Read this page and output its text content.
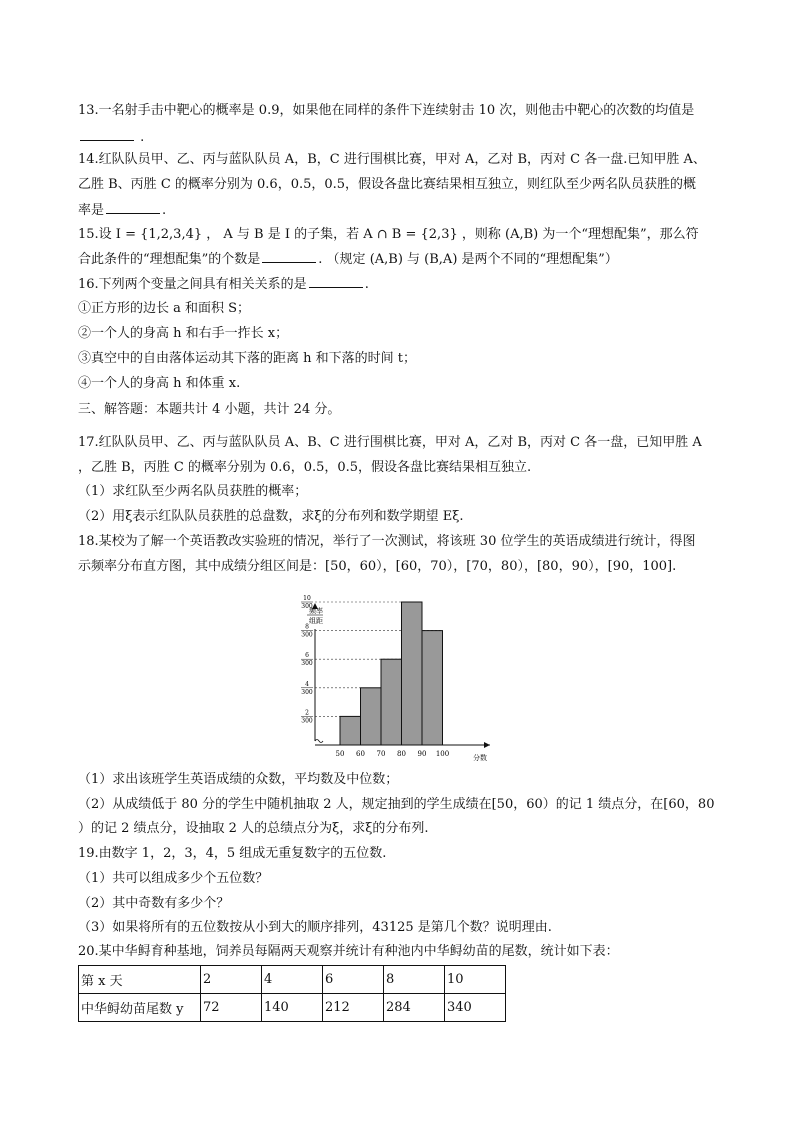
13.一名射手击中靶心的概率是 0.9，如果他在同样的条件下连续射击 10 次，则他击中靶心的次数的均值是
.
14.红队队员甲、乙、丙与蓝队队员 A，B，C 进行围棋比赛，甲对 A，乙对 B，丙对 C 各一盘.已知甲胜 A、
乙胜 B、丙胜 C 的概率分别为 0.6，0.5，0.5，假设各盘比赛结果相互独立，则红队至少两名队员获胜的概
率是	.
15.设 I = {1,2,3,4} ， A 与 B 是 I 的子集，若 A ∩ B = {2,3} ，则称 (A,B) 为一个“理想配集”，那么符
合此条件的“理想配集”的个数是	. （规定 (A,B) 与 (B,A) 是两个不同的“理想配集”）
16.下列两个变量之间具有相关关系的是	.
①正方形的边长 a 和面积 S；
②一个人的身高 h 和右手一拃长 x；
③真空中的自由落体运动其下落的距离 h 和下落的时间 t；
④一个人的身高 h 和体重 x.
三、解答题：本题共计 4 小题，共计 24 分。
17.红队队员甲、乙、丙与蓝队队员 A、B、C 进行围棋比赛，甲对 A，乙对 B，丙对 C 各一盘，已知甲胜 A
，乙胜 B，丙胜 C 的概率分别为 0.6，0.5，0.5，假设各盘比赛结果相互独立.
（1）求红队至少两名队员获胜的概率；
（2）用ξ表示红队队员获胜的总盘数，求ξ的分布列和数学期望 Eξ.
18.某校为了解一个英语教改实验班的情况，举行了一次测试，将该班 30 位学生的英语成绩进行统计，得图
示频率分布直方图，其中成绩分组区间是：[50，60），[60，70），[70，80），[80，90），[90，100].
2
300
4
300
6
300
8
300
10
300
50 60 70 80 90 100
频率
组距
分数
（1）求出该班学生英语成绩的众数，平均数及中位数；
（2）从成绩低于 80 分的学生中随机抽取 2 人，规定抽到的学生成绩在[50，60）的记 1 绩点分，在[60，80
）的记 2 绩点分，设抽取 2 人的总绩点分为ξ，求ξ的分布列.
19.由数字 1，2，3，4，5 组成无重复数字的五位数.
（1）共可以组成多少个五位数？
（2）其中奇数有多少个？
（3）如果将所有的五位数按从小到大的顺序排列，43125 是第几个数？说明理由.
20.某中华鲟育种基地，饲养员每隔两天观察并统计有种池内中华鲟幼苗的尾数，统计如下表：
第 x 天	2	4	6	8	10
中华鲟幼苗尾数 y	72	140	212	284	340
